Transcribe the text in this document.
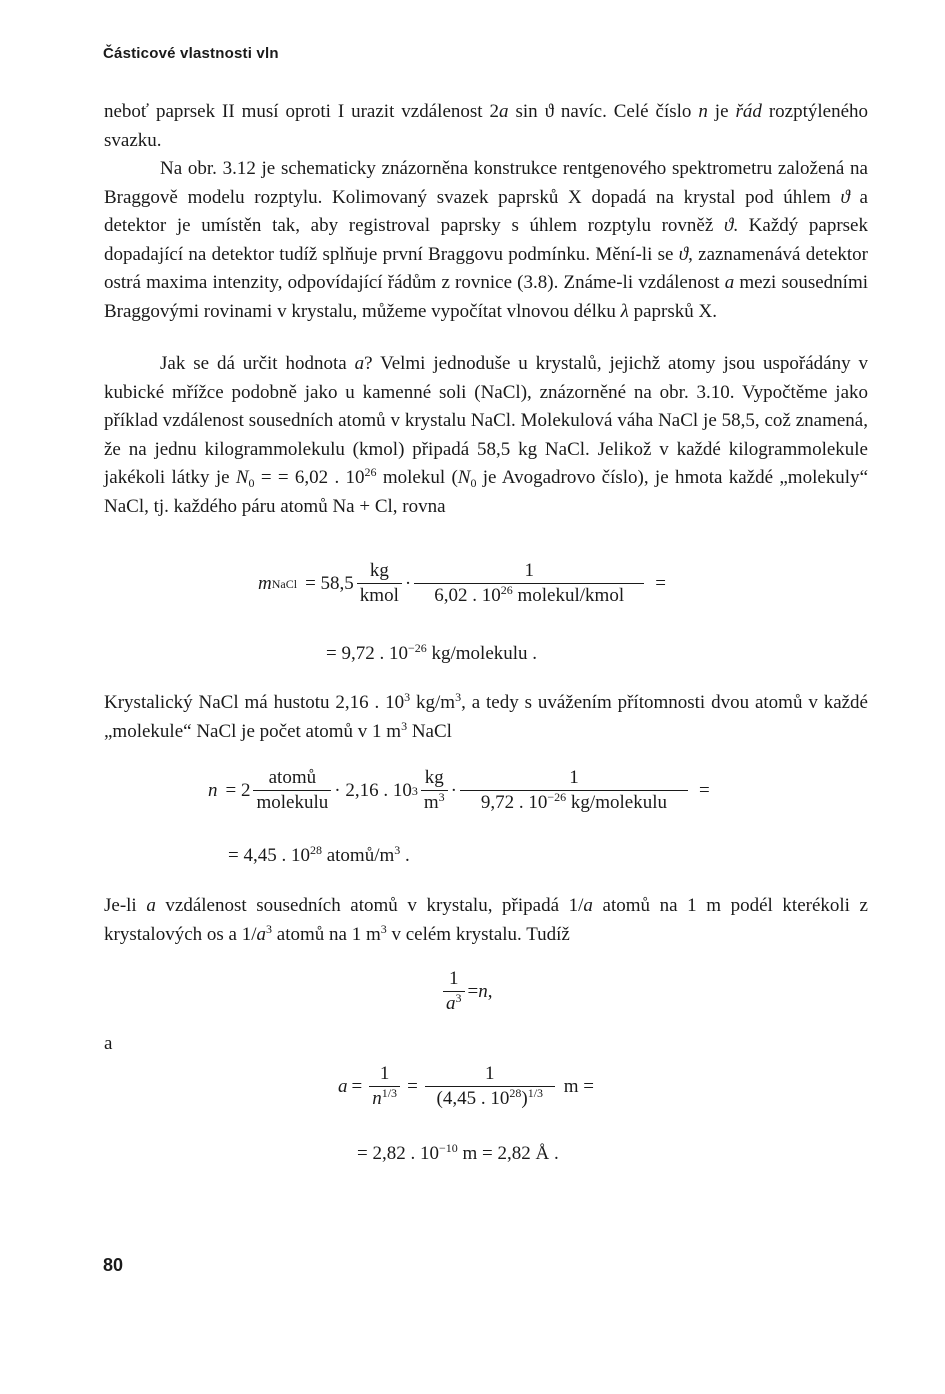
Částicové vlastnosti vln

neboť paprsek II musí oproti I urazit vzdálenost 2a sin ϑ navíc. Celé číslo n je řád rozptýleného svazku.

Na obr. 3.12 je schematicky znázorněna konstrukce rentgenového spektrometru založená na Braggově modelu rozptylu. Kolimovaný svazek paprsků X dopadá na krystal pod úhlem ϑ a detektor je umístěn tak, aby registroval paprsky s úhlem rozptylu rovněž ϑ. Každý paprsek dopadající na detektor tudíž splňuje první Braggovu podmínku. Mění-li se ϑ, zaznamenává detektor ostrá maxima intenzity, odpovídající řádům z rovnice (3.8). Známe-li vzdálenost a mezi sousedními Braggovými rovinami v krystalu, můžeme vypočítat vlnovou délku λ paprsků X.

Jak se dá určit hodnota a? Velmi jednoduše u krystalů, jejichž atomy jsou uspořádány v kubické mřížce podobně jako u kamenné soli (NaCl), znázorněné na obr. 3.10. Vypočtěme jako příklad vzdálenost sousedních atomů v krystalu NaCl. Molekulová váha NaCl je 58,5, což znamená, že na jednu kilogrammolekulu (kmol) připadá 58,5 kg NaCl. Jelikož v každé kilogrammolekule jakékoli látky je $N_0$ = = 6,02 . $10^{26}$ molekul ($N_0$ je Avogadrovo číslo), je hmota každé „molekuly“ NaCl, tj. každého páru atomů Na + Cl, rovna

m NaCl = $58,5 \frac{kg}{\text{kmol}} \cdot \frac{1}{6,02 . 10^{26} molekul/kmol}$ =
= 9,72 . $10^{-26}$ kg/molekulu .

Krystalický NaCl má hustotu 2,16 . $10^3$ $kg/m^3$, a tedy s uvážením přítomnosti dvou atomů v každé „molekule“ NaCl je počet atomů v 1 $m^3$ NaCl

$n = 2 \frac{\text{atomů}}{\text{molekulu}} \cdot 2,16$ . 10 $3 \frac{kg}{m^3} \cdot \frac{1}{9,72 . 10^{-26} kg/molekulu}$ =
= 4,45 . $10^{28}$ atomů/$m^3$ .

Je-li a vzdálenost sousedních atomů v krystalu, připadá 1/a atomů na 1 m podél kterékoli z krystalových os a $1/a^3$ atomů na 1 $m^3$ v celém krystalu. Tudíž

$\frac{1}{a^3} = n$ ,
a
$a = \frac{1}{n^{1/3}} = \frac{1}{(4,45 . 10^{28})^{1/3}}$ m =
= 2,82 . $10^{-10}$ m = 2,82 Å .
80
